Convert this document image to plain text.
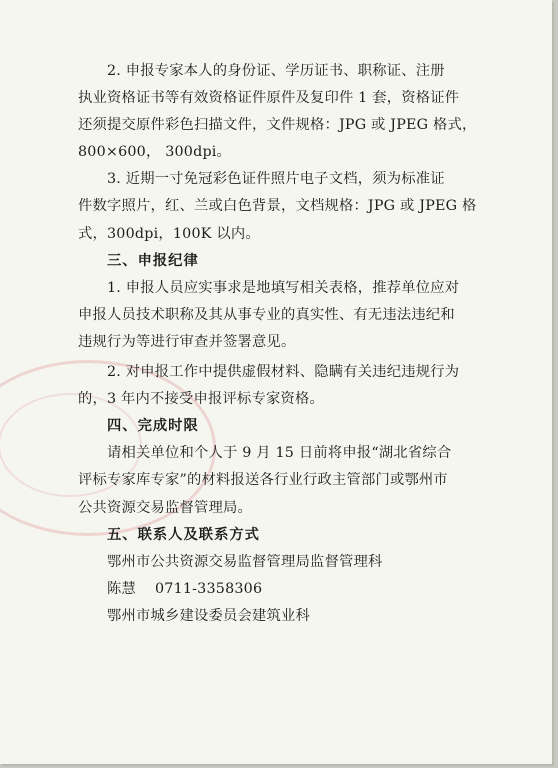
2. 申报专家本人的身份证、学历证书、职称证、注册
执业资格证书等有效资格证件原件及复印件 1 套，资格证件
还须提交原件彩色扫描文件，文件规格：JPG 或 JPEG 格式，
800×600， 300dpi。
3. 近期一寸免冠彩色证件照片电子文档，须为标准证
件数字照片，红、兰或白色背景，文档规格：JPG 或 JPEG 格
式，300dpi，100K 以内。
三、申报纪律
1. 申报人员应实事求是地填写相关表格，推荐单位应对
申报人员技术职称及其从事专业的真实性、有无违法违纪和
违规行为等进行审查并签署意见。
2. 对申报工作中提供虚假材料、隐瞒有关违纪违规行为
的，3 年内不接受申报评标专家资格。
四、完成时限
请相关单位和个人于 9 月 15 日前将申报“湖北省综合
评标专家库专家”的材料报送各行业行政主管部门或鄂州市
公共资源交易监督管理局。
五、联系人及联系方式
鄂州市公共资源交易监督管理局监督管理科
陈慧    0711-3358306
鄂州市城乡建设委员会建筑业科
